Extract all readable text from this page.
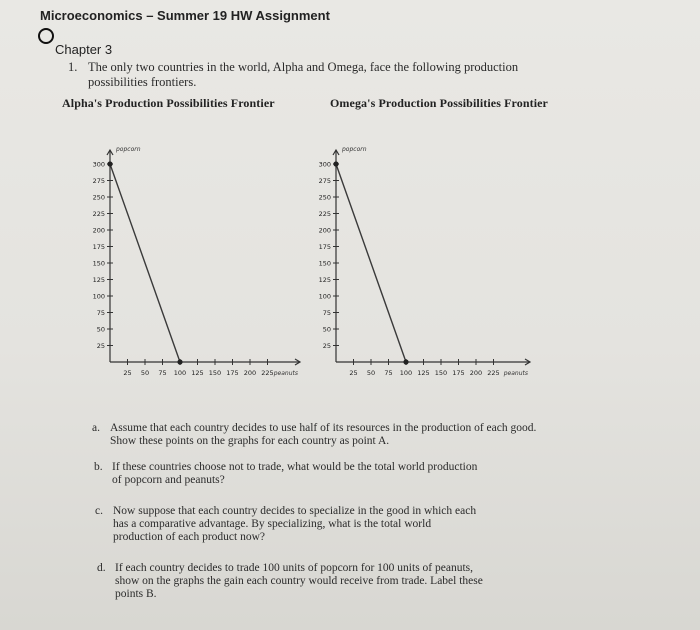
Microeconomics – Summer 19 HW Assignment
Chapter 3
1. The only two countries in the world, Alpha and Omega, face the following production
possibilities frontiers.
Alpha's Production Possibilities Frontier	Omega's Production Possibilities Frontier
300
275
250
225
200
175
150
125
100
75
50
25
25 50 75 100 125 150 175 200 225
popcorn
peanuts
300
275
250
225
200
175
150
125
100
75
50
25
25 50 75 100 125 150 175 200 225
popcorn
peanuts
a. Assume that each country decides to use half of its resources in the production of each good.
Show these points on the graphs for each country as point A.
b. If these countries choose not to trade, what would be the total world production
of popcorn and peanuts?
c. Now suppose that each country decides to specialize in the good in which each
has a comparative advantage. By specializing, what is the total world
production of each product now?
d. If each country decides to trade 100 units of popcorn for 100 units of peanuts,
show on the graphs the gain each country would receive from trade. Label these
points B.
